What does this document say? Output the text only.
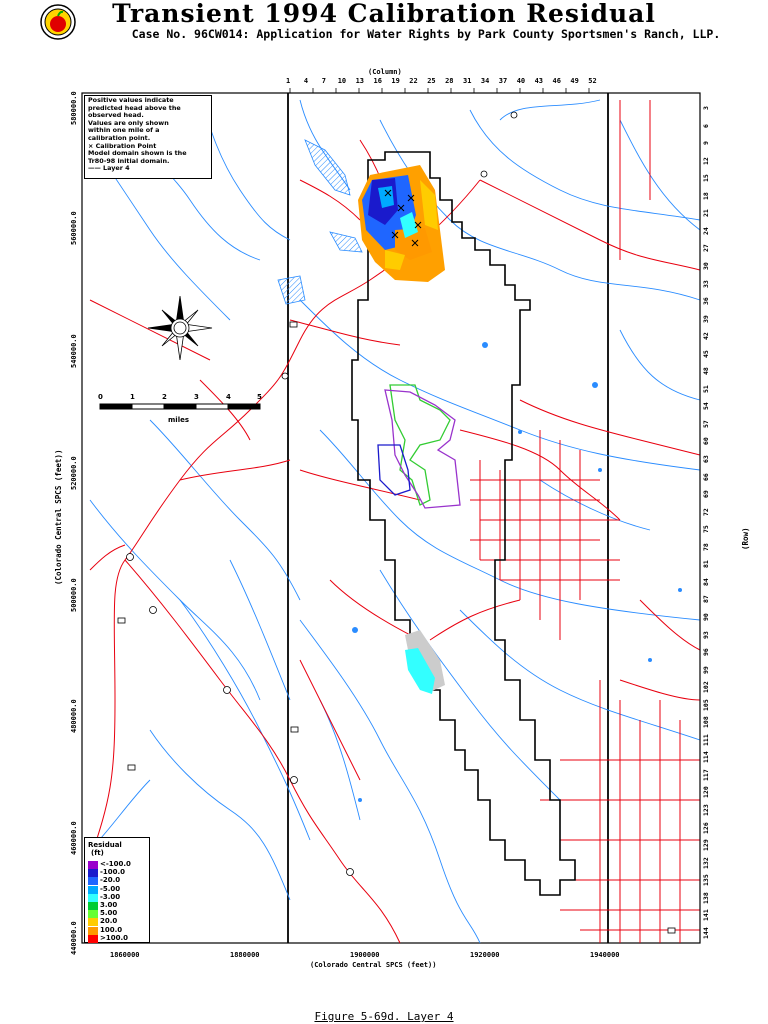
Transient 1994 Calibration Residual
Case No. 96CW014: Application for Water Rights by Park County Sportsmen's Ranch, LLP.
(Column)
1 4 7 10 13 16 19 22 25 28 31 34 37 40 43 46 49 52
(Row)
3
6
9
12
15
18
21
24
27
30
33
36
39
42
45
48
51
54
57
60
63
66
69
72
75
78
81
84
87
90
93
96
99
102
105
108
111
114
117
120
123
126
129
132
135
138
141
144
1860000	1880000	1900000	1920000	1940000
(Colorado Central SPCS (feet))
580000.0
560000.0
540000.0
520000.0
500000.0
480000.0
460000.0
440000.0
(Colorado Central SPCS (feet))
Positive values indicate
predicted head above the
observed head.
Values are only shown
within one mile of a
calibration point.
× Calibration Point
Model domain shown is the
Tr80-98 initial domain.
—— Layer 4
0	1	2	3	4	5
miles
Residual
(ft)
<-100.0
-100.0
-20.0
-5.00
-3.00
3.00
5.00
20.0
100.0
>100.0
Figure 5-69d. Layer 4
